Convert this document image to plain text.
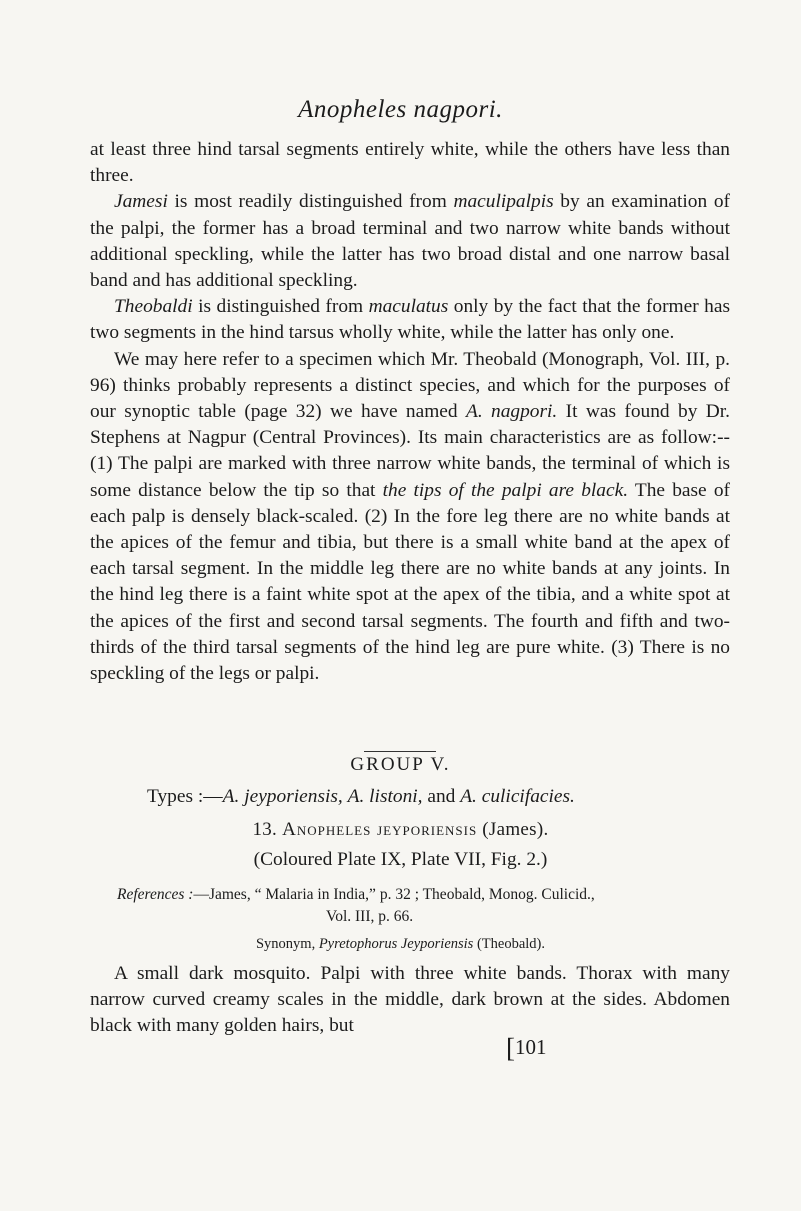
Anopheles nagpori.

at least three hind tarsal segments entirely white, while the others have less than three.

Jamesi is most readily distinguished from maculipalpis by an examination of the palpi, the former has a broad terminal and two narrow white bands without additional speckling, while the latter has two broad distal and one narrow basal band and has additional speckling.

Theobaldi is distinguished from maculatus only by the fact that the former has two segments in the hind tarsus wholly white, while the latter has only one.

We may here refer to a specimen which Mr. Theobald (Monograph, Vol. III, p. 96) thinks probably represents a distinct species, and which for the purposes of our synoptic table (page 32) we have named A. nagpori. It was found by Dr. Stephens at Nagpur (Central Provinces). Its main characteristics are as follow:--(1) The palpi are marked with three narrow white bands, the terminal of which is some distance below the tip so that the tips of the palpi are black. The base of each palp is densely black-scaled. (2) In the fore leg there are no white bands at the apices of the femur and tibia, but there is a small white band at the apex of each tarsal segment. In the middle leg there are no white bands at any joints. In the hind leg there is a faint white spot at the apex of the tibia, and a white spot at the apices of the first and second tarsal segments. The fourth and fifth and two-thirds of the third tarsal segments of the hind leg are pure white. (3) There is no speckling of the legs or palpi.

GROUP V.
Types :—A. jeyporiensis, A. listoni, and A. culicifacies.
13. Anopheles jeyporiensis (James).
(Coloured Plate IX, Plate VII, Fig. 2.)

References :—James, “ Malaria in India,” p. 32 ; Theobald, Monog. Culicid.,

Vol. III, p. 66.

Synonym, Pyretophorus Jeyporiensis (Theobald).

A small dark mosquito. Palpi with three white bands. Thorax with many narrow curved creamy scales in the middle, dark brown at the sides. Abdomen black with many golden hairs, but

[101
